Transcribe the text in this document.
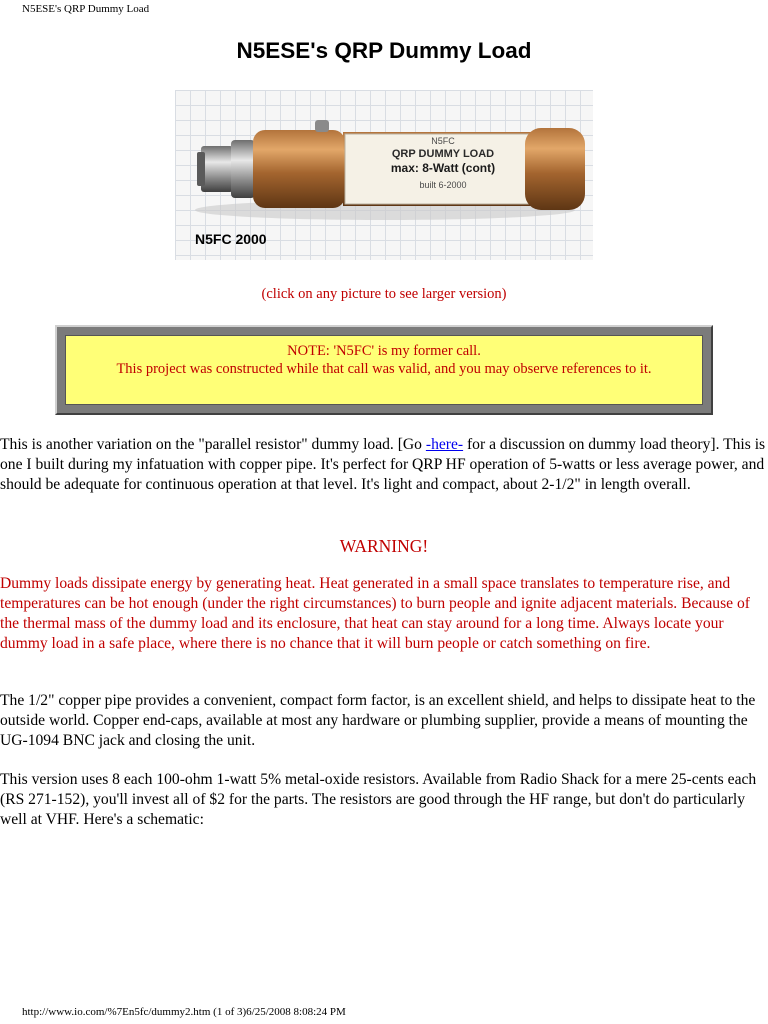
N5ESE's QRP Dummy Load
N5ESE's QRP Dummy Load
N5FC
QRP DUMMY LOAD
max: 8-Watt (cont)
built 6-2000
N5FC 2000
(click on any picture to see larger version)
NOTE: 'N5FC' is my former call.
This project was constructed while that call was valid, and you may observe references to it.

This is another variation on the "parallel resistor" dummy load. [Go -here- for a discussion on dummy load theory]. This is one I built during my infatuation with copper pipe. It's perfect for QRP HF operation of 5-watts or less average power, and should be adequate for continuous operation at that level. It's light and compact, about 2-1/2" in length overall.

WARNING!

Dummy loads dissipate energy by generating heat. Heat generated in a small space translates to temperature rise, and temperatures can be hot enough (under the right circumstances) to burn people and ignite adjacent materials. Because of the thermal mass of the dummy load and its enclosure, that heat can stay around for a long time. Always locate your dummy load in a safe place, where there is no chance that it will burn people or catch something on fire.

The 1/2" copper pipe provides a convenient, compact form factor, is an excellent shield, and helps to dissipate heat to the outside world. Copper end-caps, available at most any hardware or plumbing supplier, provide a means of mounting the UG-1094 BNC jack and closing the unit.

This version uses 8 each 100-ohm 1-watt 5% metal-oxide resistors. Available from Radio Shack for a mere 25-cents each (RS 271-152), you'll invest all of $2 for the parts. The resistors are good through the HF range, but don't do particularly well at VHF. Here's a schematic:

http://www.io.com/%7En5fc/dummy2.htm (1 of 3)6/25/2008 8:08:24 PM
